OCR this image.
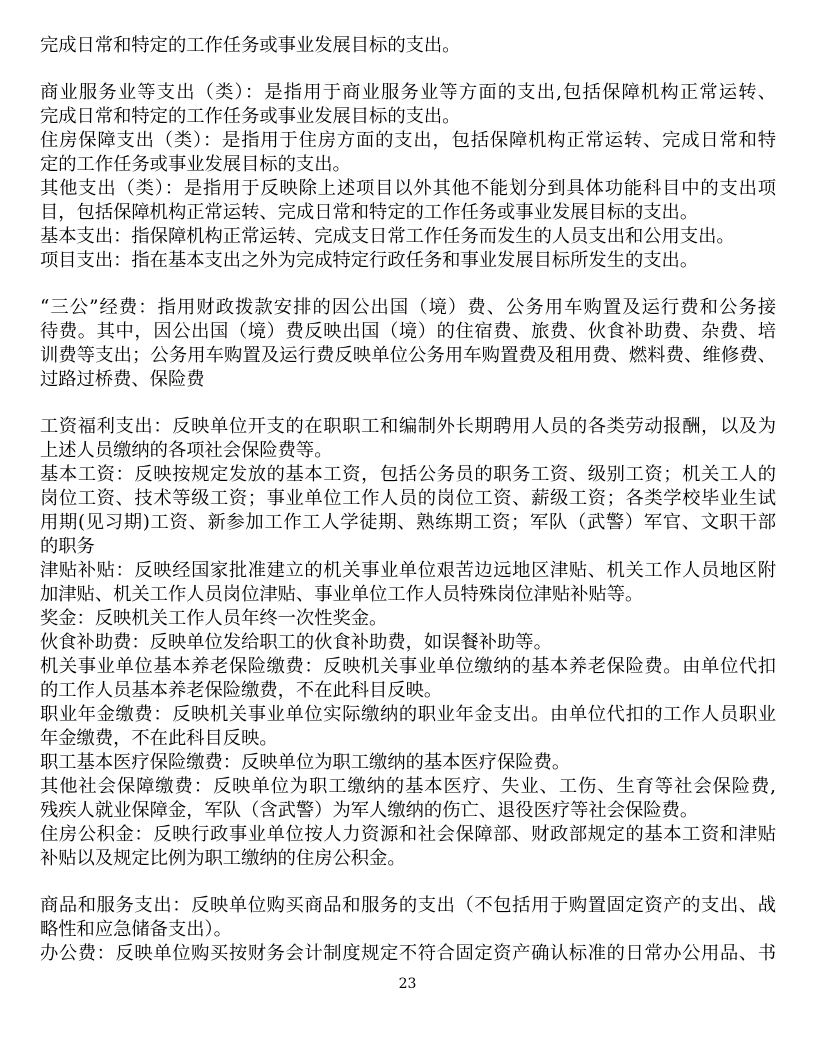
完成日常和特定的工作任务或事业发展目标的支出。
商业服务业等支出（类）：是指用于商业服务业等方面的支出,包括保障机构正常运转、
完成日常和特定的工作任务或事业发展目标的支出。
住房保障支出（类）：是指用于住房方面的支出，包括保障机构正常运转、完成日常和特
定的工作任务或事业发展目标的支出。
其他支出（类）：是指用于反映除上述项目以外其他不能划分到具体功能科目中的支出项
目，包括保障机构正常运转、完成日常和特定的工作任务或事业发展目标的支出。
基本支出：指保障机构正常运转、完成支日常工作任务而发生的人员支出和公用支出。
项目支出：指在基本支出之外为完成特定行政任务和事业发展目标所发生的支出。
“三公”经费：指用财政拨款安排的因公出国（境）费、公务用车购置及运行费和公务接
待费。其中，因公出国（境）费反映出国（境）的住宿费、旅费、伙食补助费、杂费、培
训费等支出；公务用车购置及运行费反映单位公务用车购置费及租用费、燃料费、维修费、
过路过桥费、保险费
工资福利支出：反映单位开支的在职职工和编制外长期聘用人员的各类劳动报酬，以及为
上述人员缴纳的各项社会保险费等。
基本工资：反映按规定发放的基本工资，包括公务员的职务工资、级别工资；机关工人的
岗位工资、技术等级工资；事业单位工作人员的岗位工资、薪级工资；各类学校毕业生试
用期(见习期)工资、新参加工作工人学徒期、熟练期工资；军队（武警）军官、文职干部
的职务
津贴补贴：反映经国家批准建立的机关事业单位艰苦边远地区津贴、机关工作人员地区附
加津贴、机关工作人员岗位津贴、事业单位工作人员特殊岗位津贴补贴等。
奖金：反映机关工作人员年终一次性奖金。
伙食补助费：反映单位发给职工的伙食补助费，如误餐补助等。
机关事业单位基本养老保险缴费：反映机关事业单位缴纳的基本养老保险费。由单位代扣
的工作人员基本养老保险缴费，不在此科目反映。
职业年金缴费：反映机关事业单位实际缴纳的职业年金支出。由单位代扣的工作人员职业
年金缴费，不在此科目反映。
职工基本医疗保险缴费：反映单位为职工缴纳的基本医疗保险费。
其他社会保障缴费：反映单位为职工缴纳的基本医疗、失业、工伤、生育等社会保险费,
残疾人就业保障金，军队（含武警）为军人缴纳的伤亡、退役医疗等社会保险费。
住房公积金：反映行政事业单位按人力资源和社会保障部、财政部规定的基本工资和津贴
补贴以及规定比例为职工缴纳的住房公积金。
商品和服务支出：反映单位购买商品和服务的支出（不包括用于购置固定资产的支出、战
略性和应急储备支出）。
办公费：反映单位购买按财务会计制度规定不符合固定资产确认标准的日常办公用品、书
23
